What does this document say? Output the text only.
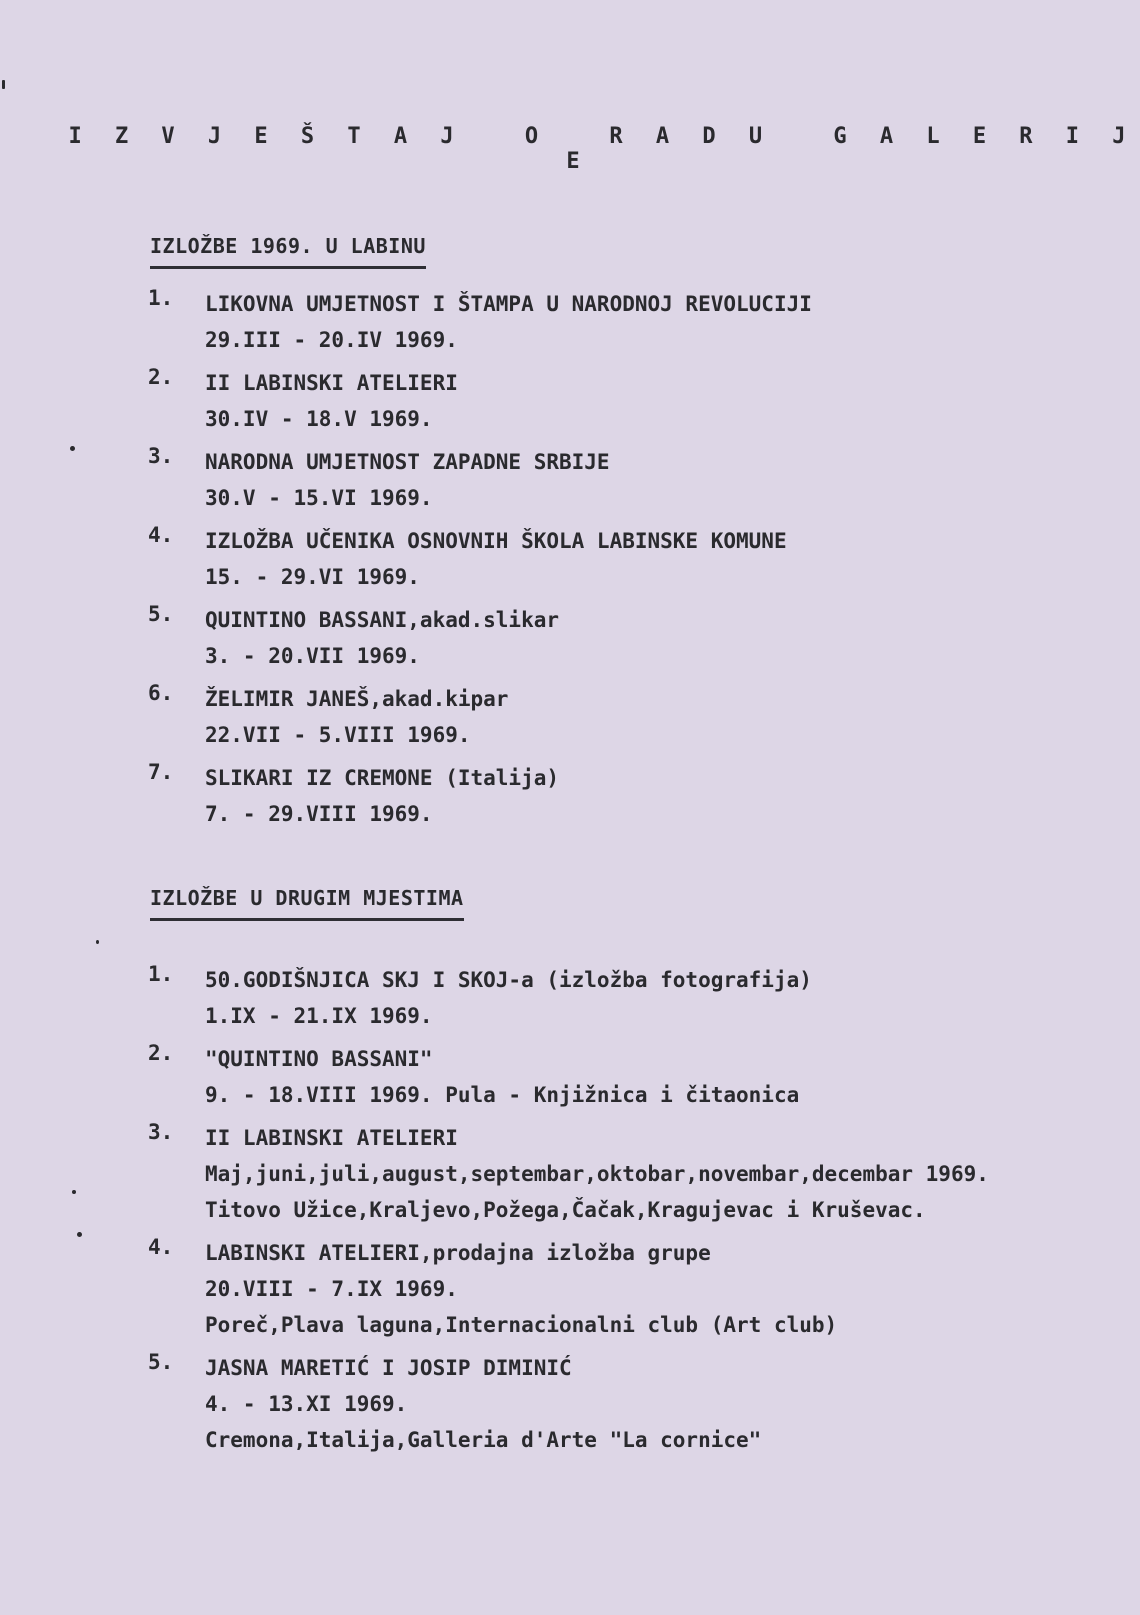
I Z V J E Š T A J	O	R A D U	G A L E R I J E
IZLOŽBE 1969. U LABINU
1.	LIKOVNA UMJETNOST I ŠTAMPA U NARODNOJ REVOLUCIJI
29.III - 20.IV 1969.
2.	II LABINSKI ATELIERI
30.IV - 18.V 1969.
3.	NARODNA UMJETNOST ZAPADNE SRBIJE
30.V - 15.VI 1969.
4.	IZLOŽBA UČENIKA OSNOVNIH ŠKOLA LABINSKE KOMUNE
15. - 29.VI 1969.
5.	QUINTINO BASSANI,akad.slikar
3. - 20.VII 1969.
6.	ŽELIMIR JANEŠ,akad.kipar
22.VII - 5.VIII 1969.
7.	SLIKARI IZ CREMONE (Italija)
7. - 29.VIII 1969.
IZLOŽBE U DRUGIM MJESTIMA
1.	50.GODIŠNJICA SKJ I SKOJ-a (izložba fotografija)
1.IX - 21.IX 1969.
2.	"QUINTINO BASSANI"
9. - 18.VIII 1969. Pula - Knjižnica i čitaonica
3.	II LABINSKI ATELIERI
Maj,juni,juli,august,septembar,oktobar,novembar,decembar 1969.
Titovo Užice,Kraljevo,Požega,Čačak,Kragujevac i Kruševac.
4.	LABINSKI ATELIERI,prodajna izložba grupe
20.VIII - 7.IX 1969.
Poreč,Plava laguna,Internacionalni club (Art club)
5.	JASNA MARETIĆ I JOSIP DIMINIĆ
4. - 13.XI 1969.
Cremona,Italija,Galleria d'Arte "La cornice"
